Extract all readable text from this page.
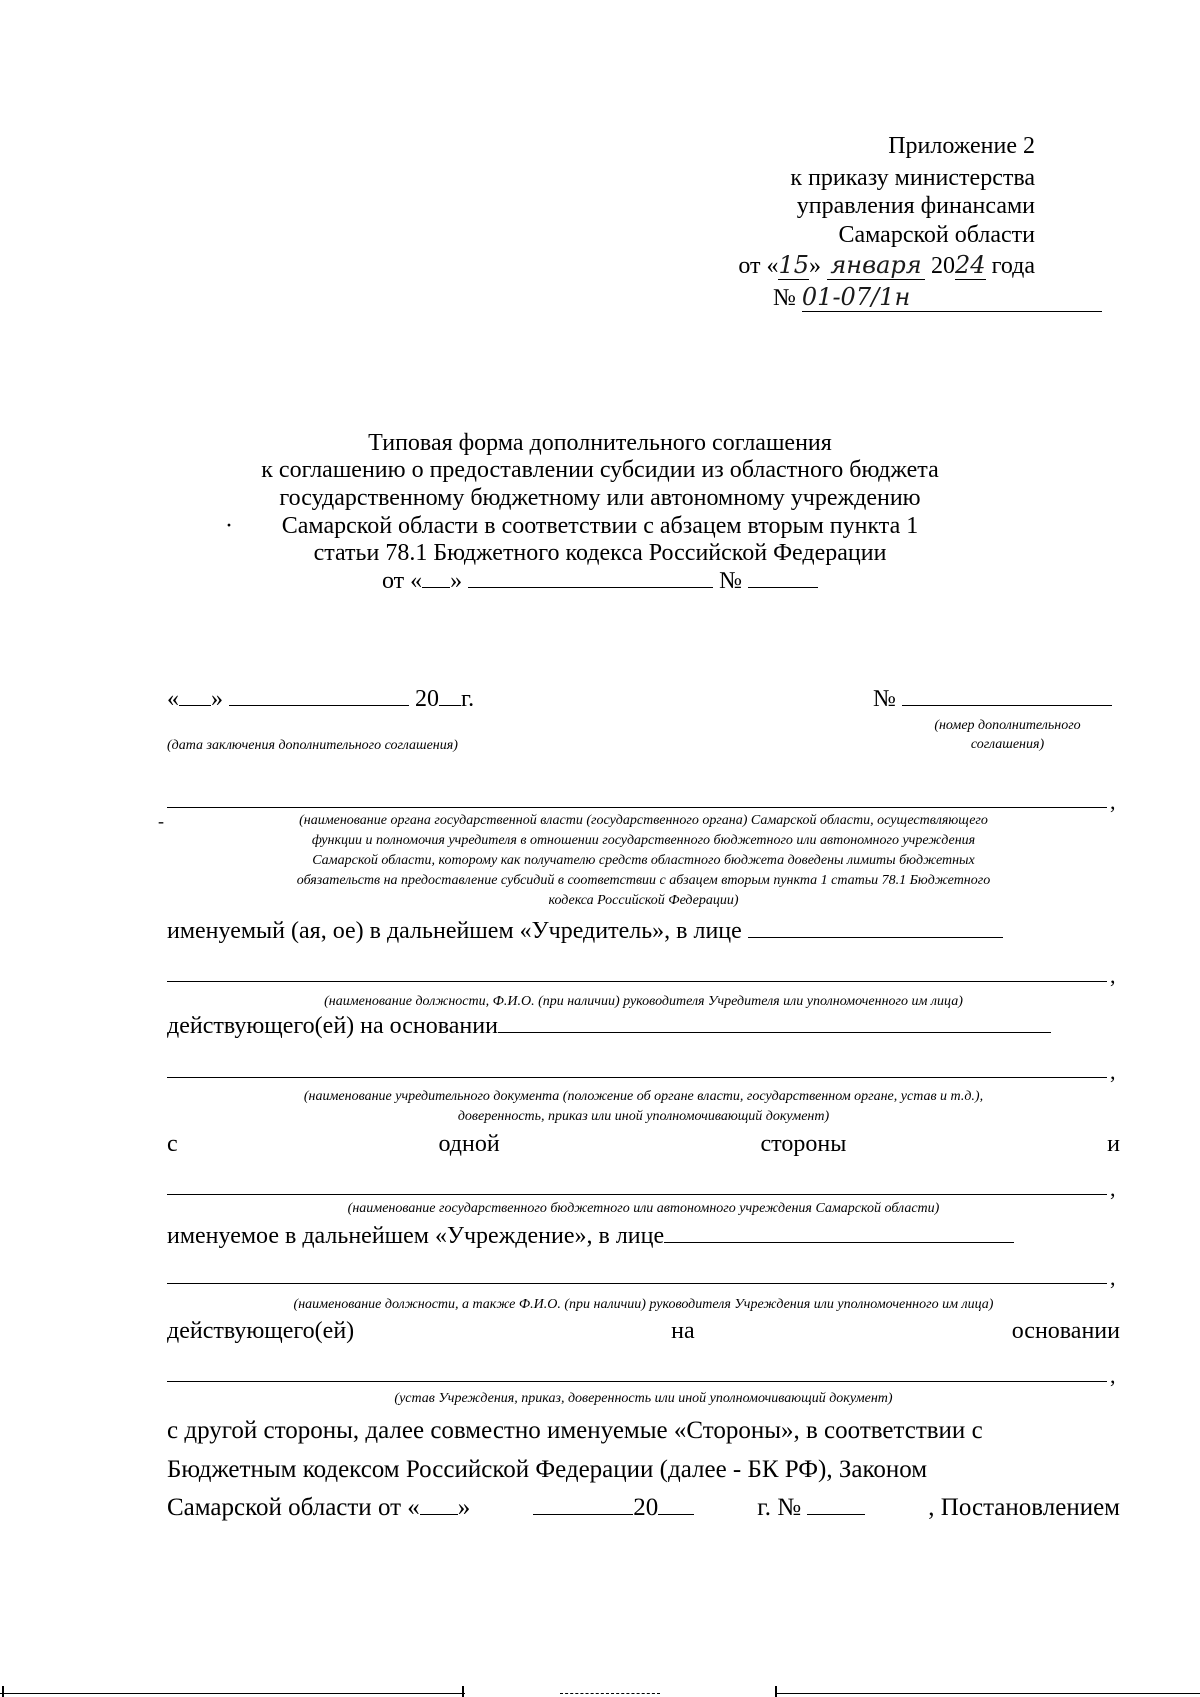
Приложение 2
к приказу министерства
управления финансами
Самарской области
от «15» января 2024 года
№ 01-07/1н
Типовая форма дополнительного соглашения
к соглашению о предоставлении субсидии из областного бюджета
государственному бюджетному или автономному учреждению
·	Самарской области в соответствии с абзацем вторым пункта 1
статьи 78.1 Бюджетного кодекса Российской Федерации
от « »	№
« »	20 г.	№
(дата заключения дополнительного соглашения)
(номер дополнительного
соглашения)
,
-	(наименование органа государственной власти (государственного органа) Самарской области, осуществляющего
функции и полномочия учредителя в отношении государственного бюджетного или автономного учреждения
Самарской области, которому как получателю средств областного бюджета доведены лимиты бюджетных
обязательств на предоставление субсидий в соответствии с абзацем вторым пункта 1 статьи 78.1 Бюджетного
кодекса Российской Федерации)
именуемый (ая, ое) в дальнейшем «Учредитель», в лице
,
(наименование должности, Ф.И.О. (при наличии) руководителя Учредителя или уполномоченного им лица)
действующего(ей) на основании
,
(наименование учредительного документа (положение об органе власти, государственном органе, устав и т.д.),
доверенность, приказ или иной уполномочивающий документ)
с	одной	стороны	и
,
(наименование государственного бюджетного или автономного учреждения Самарской области)
именуемое в дальнейшем «Учреждение», в лице
,
(наименование должности, а также Ф.И.О. (при наличии) руководителя Учреждения или уполномоченного им лица)
действующего(ей)	на	основании
,
(устав Учреждения, приказ, доверенность или иной уполномочивающий документ)
с другой стороны, далее совместно именуемые «Стороны», в соответствии с
Бюджетным кодексом Российской Федерации (далее - БК РФ), Законом
Самарской области от « »	20	г. №	, Постановлением
